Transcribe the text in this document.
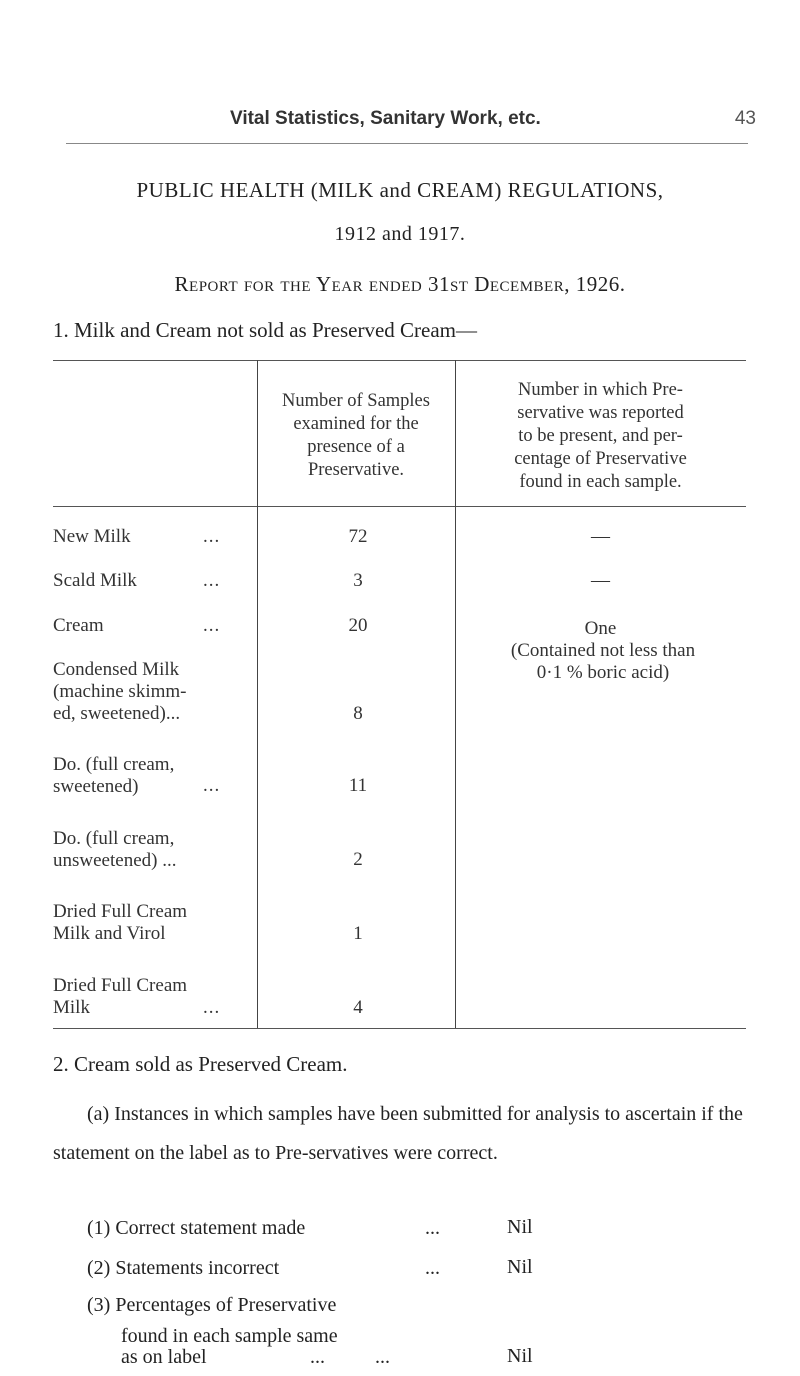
Vital Statistics, Sanitary Work, etc.	43
PUBLIC HEALTH (MILK and CREAM) REGULATIONS,
1912 and 1917.
Report for the Year ended 31st December, 1926.
1. Milk and Cream not sold as Preserved Cream—
Number of Samples
examined for the
presence of a
Preservative.
Number in which Pre-
servative was reported
to be present, and per-
centage of Preservative
found in each sample.
New Milk	...	72	—
Scald Milk	...	3	—
Cream	...	20	One
(Contained not less than
0·1 % boric acid)
Condensed Milk
(machine skimm-
ed, sweetened)...	8
Do. (full cream,
sweetened)	...	11
Do. (full cream,
unsweetened) ...	2
Dried Full Cream
Milk and Virol	1
Dried Full Cream
Milk	...	4
2. Cream sold as Preserved Cream.
(a) Instances in which samples have been submitted for analysis to ascertain if the statement on the label as to Pre-servatives were correct.
(1) Correct statement made	...	Nil
(2) Statements incorrect	...	Nil
(3) Percentages of Preservative
found in each sample same
as on label	...          ...	Nil
